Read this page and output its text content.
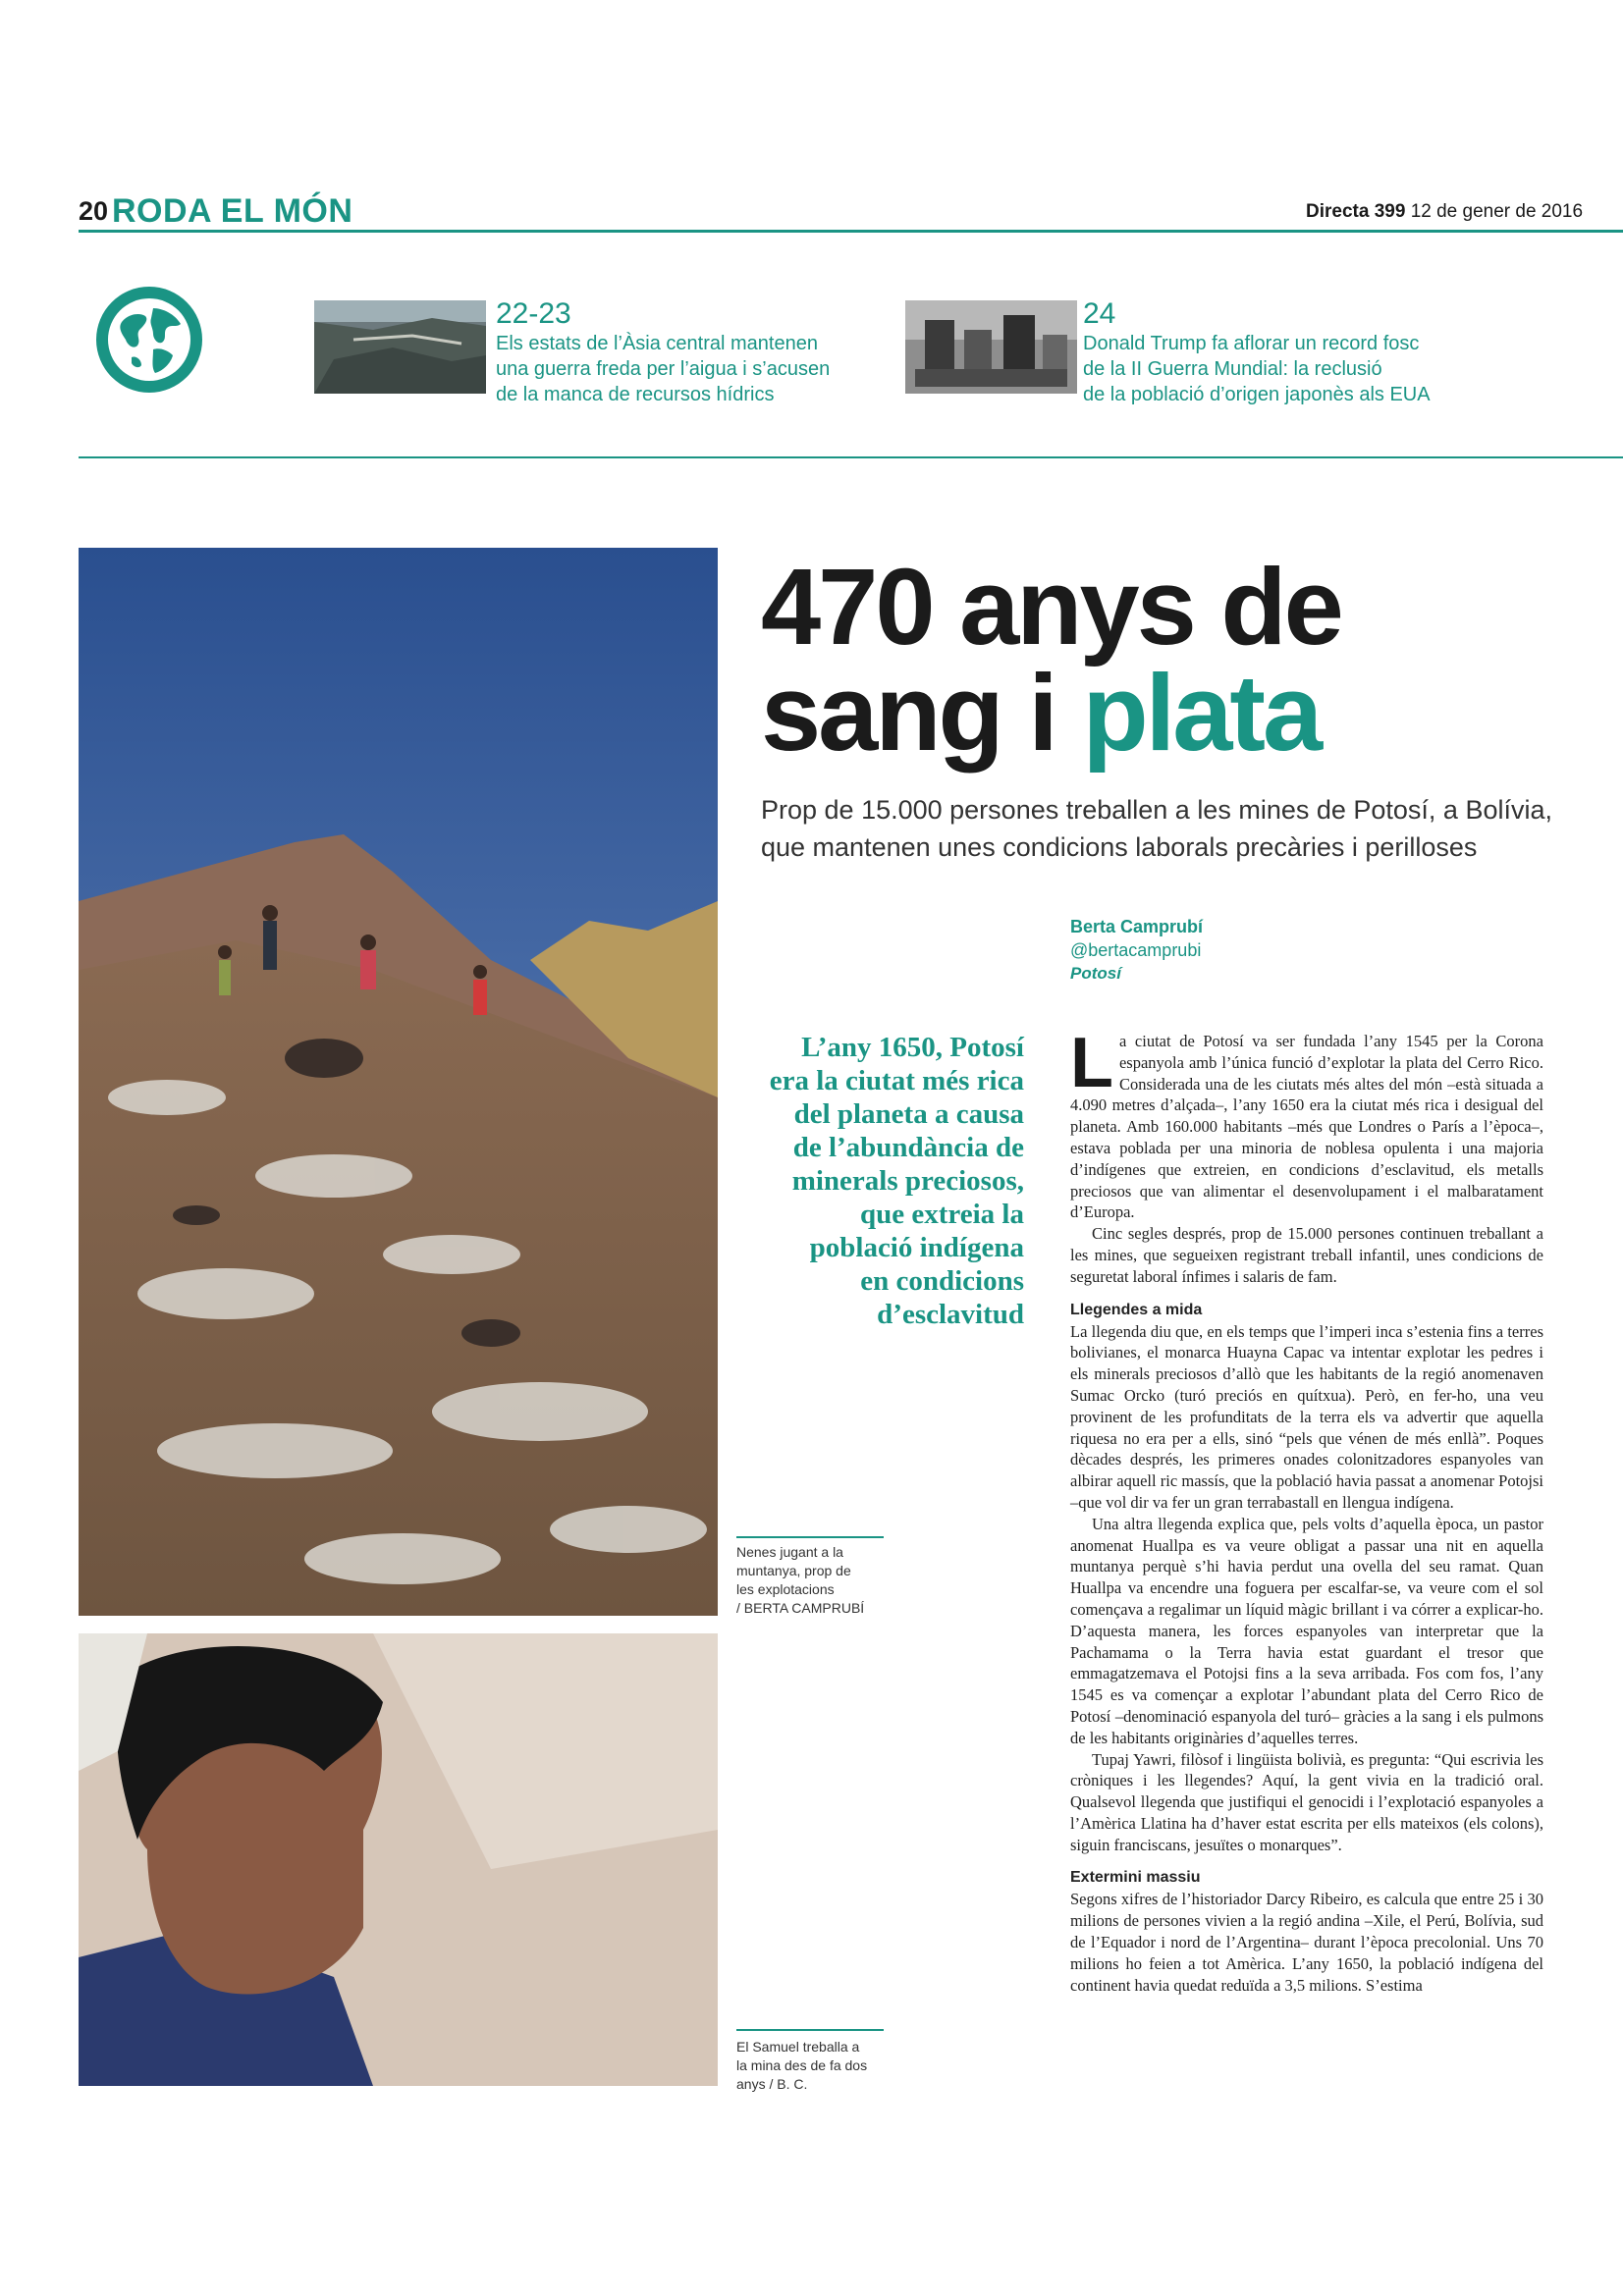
20 RODA EL MÓN	Directa 399 12 de gener de 2016
22-23
Els estats de l’Àsia central mantenen
una guerra freda per l’aigua i s’acusen
de la manca de recursos hídrics
24
Donald Trump fa aflorar un record fosc
de la II Guerra Mundial: la reclusió
de la població d’origen japonès als EUA
Nenes jugant a la
muntanya, prop de
les explotacions
/ BERTA CAMPRUBÍ
El Samuel treballa a
la mina des de fa dos
anys / B. C.
470 anys de
sang i plata
Prop de 15.000 persones treballen a les mines de Potosí, a Bolívia,
que mantenen unes condicions laborals precàries i perilloses
Berta Camprubí
@bertacamprubi
Potosí
L’any 1650, Potosí
era la ciutat més rica
del planeta a causa
de l’abundància de
minerals preciosos,
que extreia la
població indígena
en condicions
d’esclavitud

La ciutat de Potosí va ser fundada l’any 1545 per la Corona espanyola amb l’única funció d’explotar la plata del Cerro Rico. Considerada una de les ciutats més altes del món –està situada a 4.090 metres d’alçada–, l’any 1650 era la ciutat més rica i desigual del planeta. Amb 160.000 habitants –més que Londres o París a l’època–, estava poblada per una minoria de noblesa opulenta i una majoria d’indígenes que extreien, en condicions d’esclavitud, els metalls preciosos que van alimentar el desenvolupament i el malbaratament d’Europa.

Cinc segles després, prop de 15.000 persones continuen treballant a les mines, que segueixen registrant treball infantil, unes condicions de seguretat laboral ínfimes i salaris de fam.

Llegendes a mida

La llegenda diu que, en els temps que l’imperi inca s’estenia fins a terres bolivianes, el monarca Huayna Capac va intentar explotar les pedres i els minerals preciosos d’allò que les habitants de la regió anomenaven Sumac Orcko (turó preciós en quítxua). Però, en fer-ho, una veu provinent de les profunditats de la terra els va advertir que aquella riquesa no era per a ells, sinó “pels que vénen de més enllà”. Poques dècades després, les primeres onades colonitzadores espanyoles van albirar aquell ric massís, que la població havia passat a anomenar Potojsi –que vol dir va fer un gran terrabastall en llengua indígena.

Una altra llegenda explica que, pels volts d’aquella època, un pastor anomenat Huallpa es va veure obligat a passar una nit en aquella muntanya perquè s’hi havia perdut una ovella del seu ramat. Quan Huallpa va encendre una foguera per escalfar-se, va veure com el sol començava a regalimar un líquid màgic brillant i va córrer a explicar-ho. D’aquesta manera, les forces espanyoles van interpretar que la Pachamama o la Terra havia estat guardant el tresor que emmagatzemava el Potojsi fins a la seva arribada. Fos com fos, l’any 1545 es va començar a explotar l’abundant plata del Cerro Rico de Potosí –denominació espanyola del turó– gràcies a la sang i els pulmons de les habitants originàries d’aquelles terres.

Tupaj Yawri, filòsof i lingüista bolivià, es pregunta: “Qui escrivia les cròniques i les llegendes? Aquí, la gent vivia en la tradició oral. Qualsevol llegenda que justifiqui el genocidi i l’explotació espanyoles a l’Amèrica Llatina ha d’haver estat escrita per ells mateixos (els colons), siguin franciscans, jesuïtes o monarques”.

Extermini massiu

Segons xifres de l’historiador Darcy Ribeiro, es calcula que entre 25 i 30 milions de persones vivien a la regió andina –Xile, el Perú, Bolívia, sud de l’Equador i nord de l’Argentina– durant l’època precolonial. Uns 70 milions ho feien a tot Amèrica. L’any 1650, la població indígena del continent havia quedat reduïda a 3,5 milions. S’estima
